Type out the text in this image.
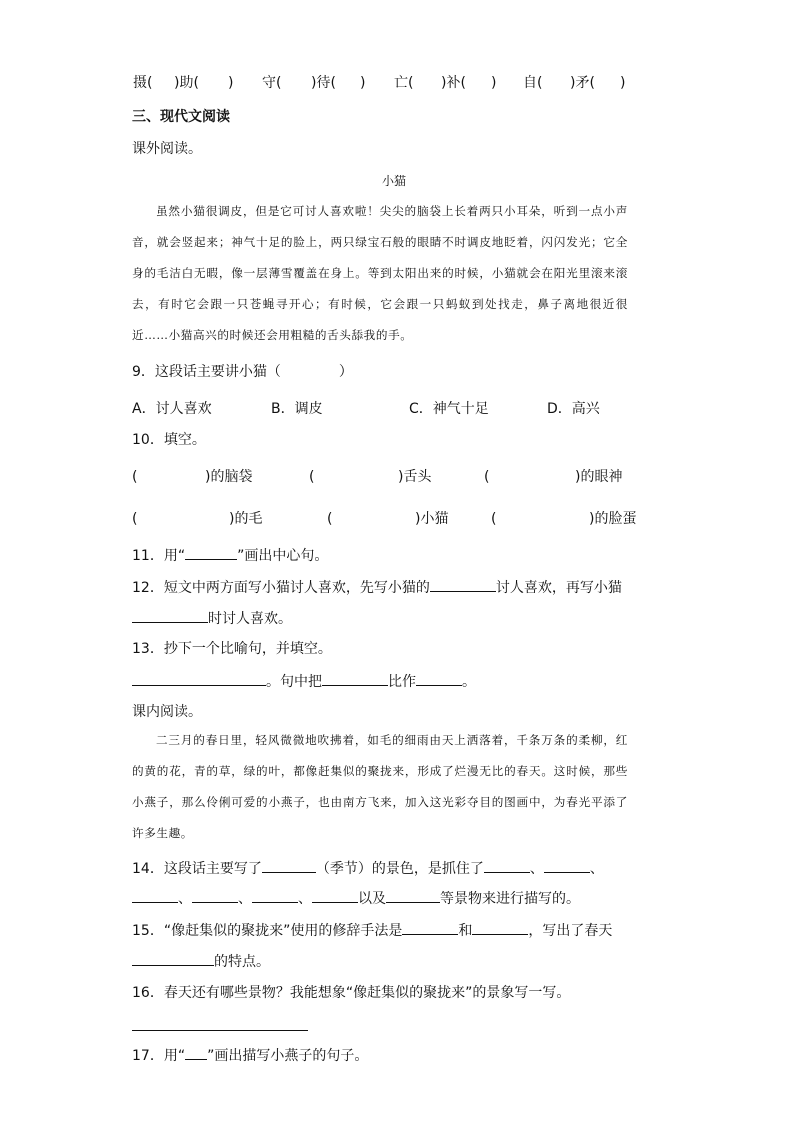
摄( )助( ) 守( )待( ) 亡( )补( ) 自( )矛( )
三、现代文阅读
课外阅读。
小猫
虽然小猫很调皮，但是它可讨人喜欢啦！尖尖的脑袋上长着两只小耳朵，听到一点小声音，就会竖起来；神气十足的脸上，两只绿宝石般的眼睛不时调皮地眨着，闪闪发光；它全身的毛洁白无暇，像一层薄雪覆盖在身上。等到太阳出来的时候，小猫就会在阳光里滚来滚去，有时它会跟一只苍蝇寻开心；有时候，它会跟一只蚂蚁到处找走，鼻子离地很近很近……小猫高兴的时候还会用粗糙的舌头舔我的手。
9．这段话主要讲小猫（	）
A．讨人喜欢	B．调皮	C．神气十足	D．高兴
10．填空。
(	)的脑袋	(	)舌头	(	)的眼神
(	)的毛	(	)小猫	(	)的脸蛋
11．用“	”画出中心句。
12．短文中两方面写小猫讨人喜欢，先写小猫的	讨人喜欢，再写小猫
时讨人喜欢。
13．抄下一个比喻句，并填空。
。句中把	比作	。
课内阅读。
二三月的春日里，轻风微微地吹拂着，如毛的细雨由天上洒落着，千条万条的柔柳，红的黄的花，青的草，绿的叶，都像赶集似的聚拢来，形成了烂漫无比的春天。这时候，那些小燕子，那么伶俐可爱的小燕子，也由南方飞来，加入这光彩夺目的图画中，为春光平添了许多生趣。
14．这段话主要写了	（季节）的景色，是抓住了	、	、
、	、	、	以及	等景物来进行描写的。
15．“像赶集似的聚拢来”使用的修辞手法是	和	，写出了春天
的特点。
16．春天还有哪些景物？我能想象“像赶集似的聚拢来”的景象写一写。
17．用“ ”画出描写小燕子的句子。
